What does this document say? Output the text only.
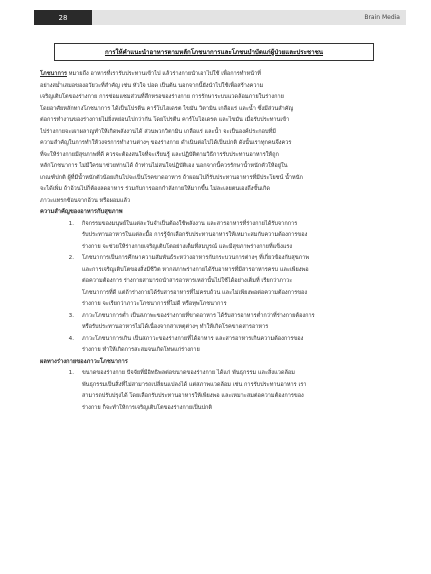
28	Brain Media
การให้คำแนะนำอาหารตามหลักโภชนาการและโภชนบำบัดแก่ผู้ป่วยและประชาชน
โภชนาการ หมายถึง อาหารที่เรารับประทานเข้าไป แล้วร่างกายนำเอาไปใช้ เพื่อการทำหน้าที่
อย่างสม่ำเสมอของอวัยวะที่สำคัญ เช่น หัวใจ ปอด เป็นต้น นอกจากนี้ยังนำไปใช้เพื่อสร้างความ
เจริญเติบโตของร่างกาย การซ่อมแซมส่วนที่สึกหรอของร่างกาย การรักษาระบบแวดล้อมภายในร่างกาย
โดยอาศัยหลักทางโภชนาการ ได้เป็นโปรตีน คาร์โบไฮเดรต ไขมัน วิตามิน เกลือแร่ และน้ำ ซึ่งมีส่วนสำคัญ
ต่อการทำงานของร่างกายไม่ยิ่งหย่อนไปกว่ากัน โดยโปรตีน คาร์โบไฮเดรต และไขมัน เมื่อรับประทานเข้า
ไปร่างกายจะเผาผลาญทำให้เกิดพลังงานได้ ส่วนพวกวิตามิน เกลือแร่ และน้ำ จะเป็นองค์ประกอบที่มี
ความสำคัญในการทำให้วงจรการทำงานต่างๆ ของร่างกาย ดำเนินต่อไปได้เป็นปกติ ดังนั้นเราทุกคนจึงควร
ที่จะให้ร่างกายมีสุขภาพที่ดี ควรจะต้องสนใจที่จะเรียนรู้ และปฏิบัติตามวิธีการรับประทานอาหารให้ถูก
หลักโภชนาการ ไม่มีใครมาช่วยท่านได้ ถ้าท่านไม่สนใจปฏิบัติเอง นอกจากนี้ควรรักษาน้ำหนักตัวให้อยู่ใน
เกณฑ์ปกติ ผู้ที่มีน้ำหนักตัวน้อยเกินไปจะเป็นโรคขาดอาหาร ถ้าผอมไปก็รับประทานอาหารที่มีประโยชน์ น้ำหนัก
จะได้เพิ่ม ถ้าอ้วนไปก็ต้องลดอาหาร ร่วมกับการออกกำลังกายให้มากขึ้น ไม่ละเลยตนเองถึงขั้นเกิด
ภาวะแทรกซ้อนจากอ้วน หรือผอมแล้ว
ความสำคัญของอาหารกับสุขภาพ
1.	กิจกรรมของมนุษย์ในแต่ละวันจำเป็นต้องใช้พลังงาน และสารอาหารที่ร่างกายได้รับจากการ
รับประทานอาหารในแต่ละมื้อ การรู้จักเลือกรับประทานอาหารให้เหมาะสมกับความต้องการของ
ร่างกาย จะช่วยให้ร่างกายเจริญเติบโตอย่างเต็มที่สมบูรณ์ และมีสุขภาพร่างกายที่แข็งแรง
2.	โภชนาการเป็นการศึกษาความสัมพันธ์ระหว่างอาหารกับกระบวนการต่างๆ ที่เกี่ยวข้องกับสุขภาพ
และการเจริญเติบโตของสิ่งมีชีวิต หากสภาพร่างกายได้รับอาหารที่มีสารอาหารครบ และเพียงพอ
ต่อความต้องการ ร่างกายสามารถนำสารอาหารเหล่านั้นไปใช้ได้อย่างเต็มที่ เรียกว่าภาวะ
โภชนาการที่ดี แต่ถ้าร่างกายได้รับสารอาหารที่ไม่ครบถ้วน และไม่เพียงพอต่อความต้องการของ
ร่างกาย จะเรียกว่าภาวะโภชนาการที่ไม่ดี หรือทุพโภชนาการ
3.	ภาวะโภชนาการต่ำ เป็นสภาพะของร่างกายที่ขาดอาหาร ได้รับสารอาหารต่ำกว่าที่ร่างกายต้องการ
หรือรับประทานอาหารไม่ได้เนื่องจากสาเหตุต่างๆ ทำให้เกิดโรคขาดสารอาหาร
4.	ภาวะโภชนาการเกิน เป็นสภาวะของร่างกายที่ได้อาหาร และสารอาหารเกินความต้องการของ
ร่างกาย ทำให้เกิดการสะสมจนเกิดโทษแก่ร่างกาย
ผลทางร่างกายของภาวะโภชนาการ
1.	ขนาดของร่างกาย ปัจจัยที่มีอิทธิพลต่อขนาดของร่างกาย ได้แก่ พันธุกรรม และสิ่งแวดล้อม
พันธุกรรมเป็นสิ่งที่ไม่สามารถเปลี่ยนแปลงได้ แต่สภาพแวดล้อม เช่น การรับประทานอาหาร เรา
สามารถปรับปรุงได้ โดยเลือกรับประทานอาหารให้เพียงพอ และเหมาะสมต่อความต้องการของ
ร่างกาย ก็จะทำให้การเจริญเติบโตของร่างกายเป็นปกติ
